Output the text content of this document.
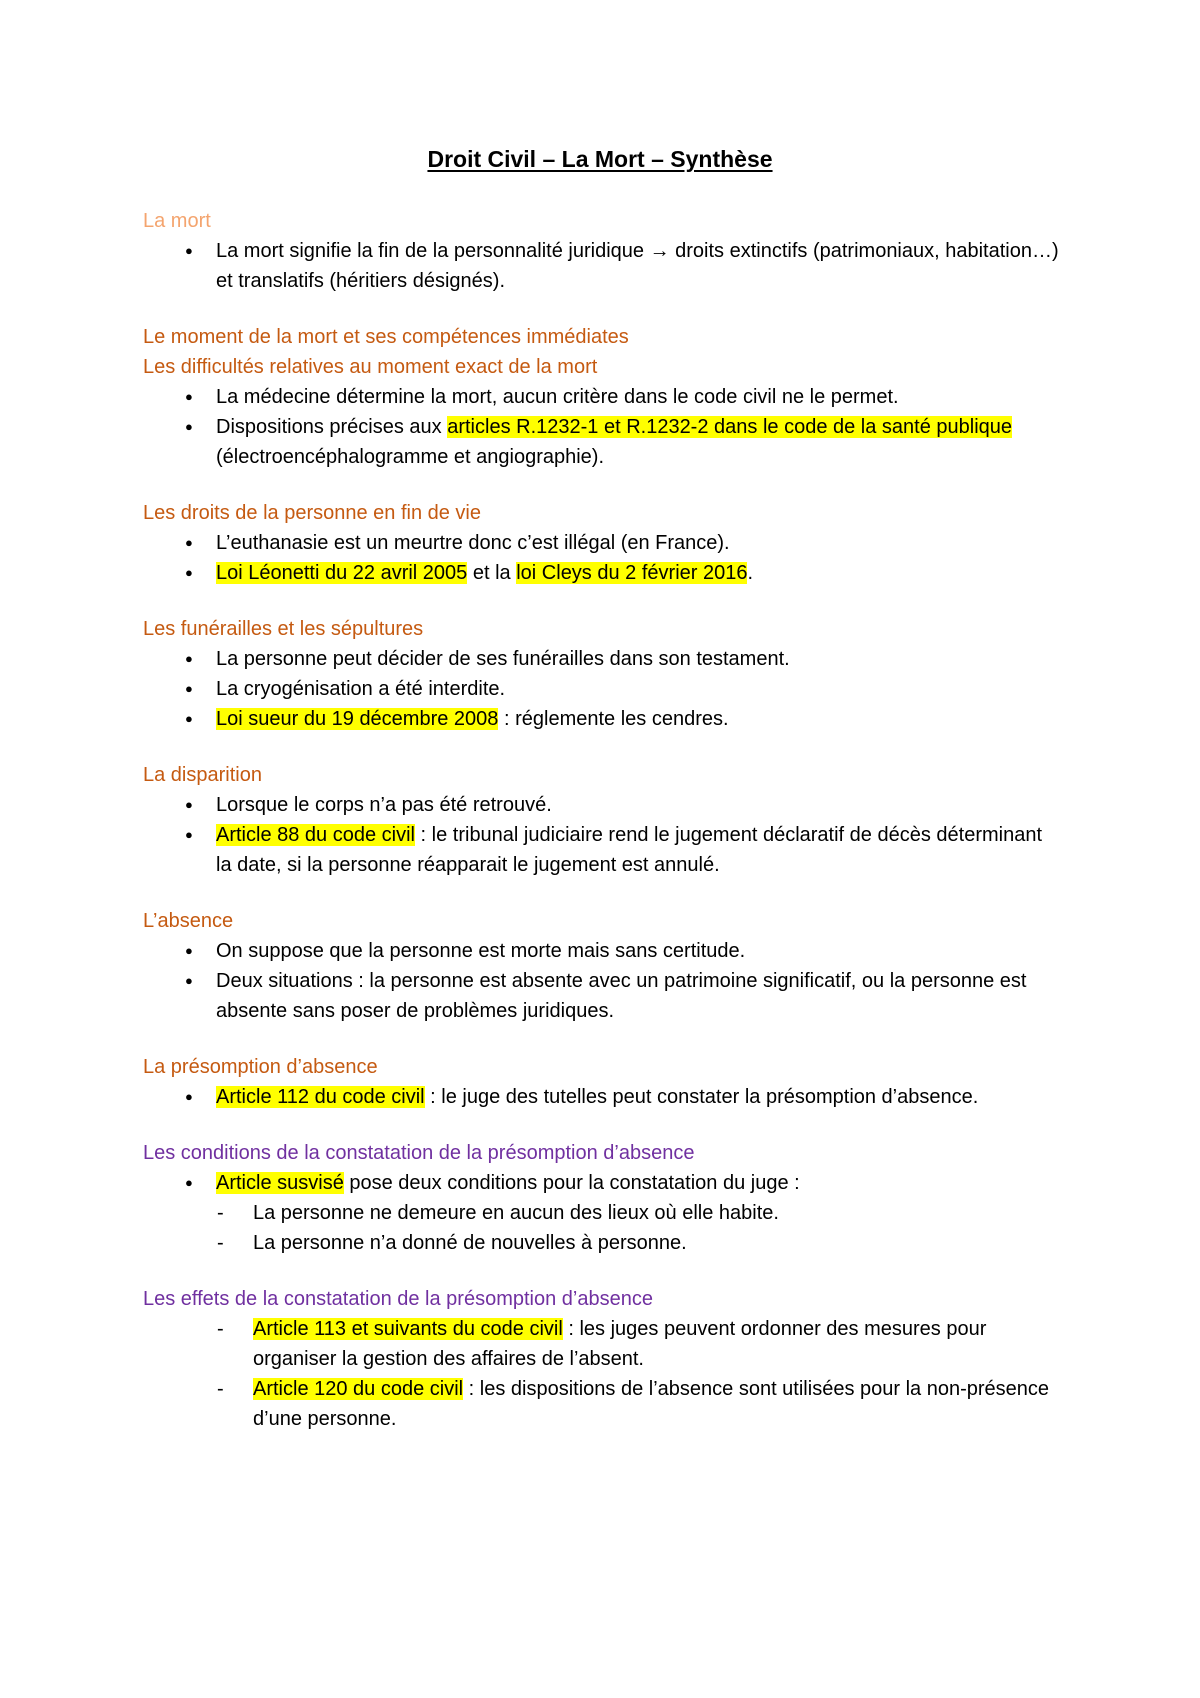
Droit Civil – La Mort – Synthèse

La mort

● La mort signifie la fin de la personnalité juridique → droits extinctifs (patrimoniaux, habitation…) et translatifs (héritiers désignés).

Le moment de la mort et ses compétences immédiates

Les difficultés relatives au moment exact de la mort

● La médecine détermine la mort, aucun critère dans le code civil ne le permet.
● Dispositions précises aux articles R.1232-1 et R.1232-2 dans le code de la santé publique (électroencéphalogramme et angiographie).

Les droits de la personne en fin de vie

● L’euthanasie est un meurtre donc c’est illégal (en France).
● Loi Léonetti du 22 avril 2005 et la loi Cleys du 2 février 2016.

Les funérailles et les sépultures

● La personne peut décider de ses funérailles dans son testament.
● La cryogénisation a été interdite.
● Loi sueur du 19 décembre 2008 : réglemente les cendres.

La disparition

● Lorsque le corps n’a pas été retrouvé.
● Article 88 du code civil : le tribunal judiciaire rend le jugement déclaratif de décès déterminant la date, si la personne réapparait le jugement est annulé.

L’absence

● On suppose que la personne est morte mais sans certitude.
● Deux situations : la personne est absente avec un patrimoine significatif, ou la personne est absente sans poser de problèmes juridiques.

La présomption d’absence

● Article 112 du code civil : le juge des tutelles peut constater la présomption d’absence.

Les conditions de la constatation de la présomption d’absence

● Article susvisé pose deux conditions pour la constatation du juge :
- La personne ne demeure en aucun des lieux où elle habite.
- La personne n’a donné de nouvelles à personne.

Les effets de la constatation de la présomption d’absence

- Article 113 et suivants du code civil : les juges peuvent ordonner des mesures pour organiser la gestion des affaires de l’absent.
- Article 120 du code civil : les dispositions de l’absence sont utilisées pour la non-présence d’une personne.
